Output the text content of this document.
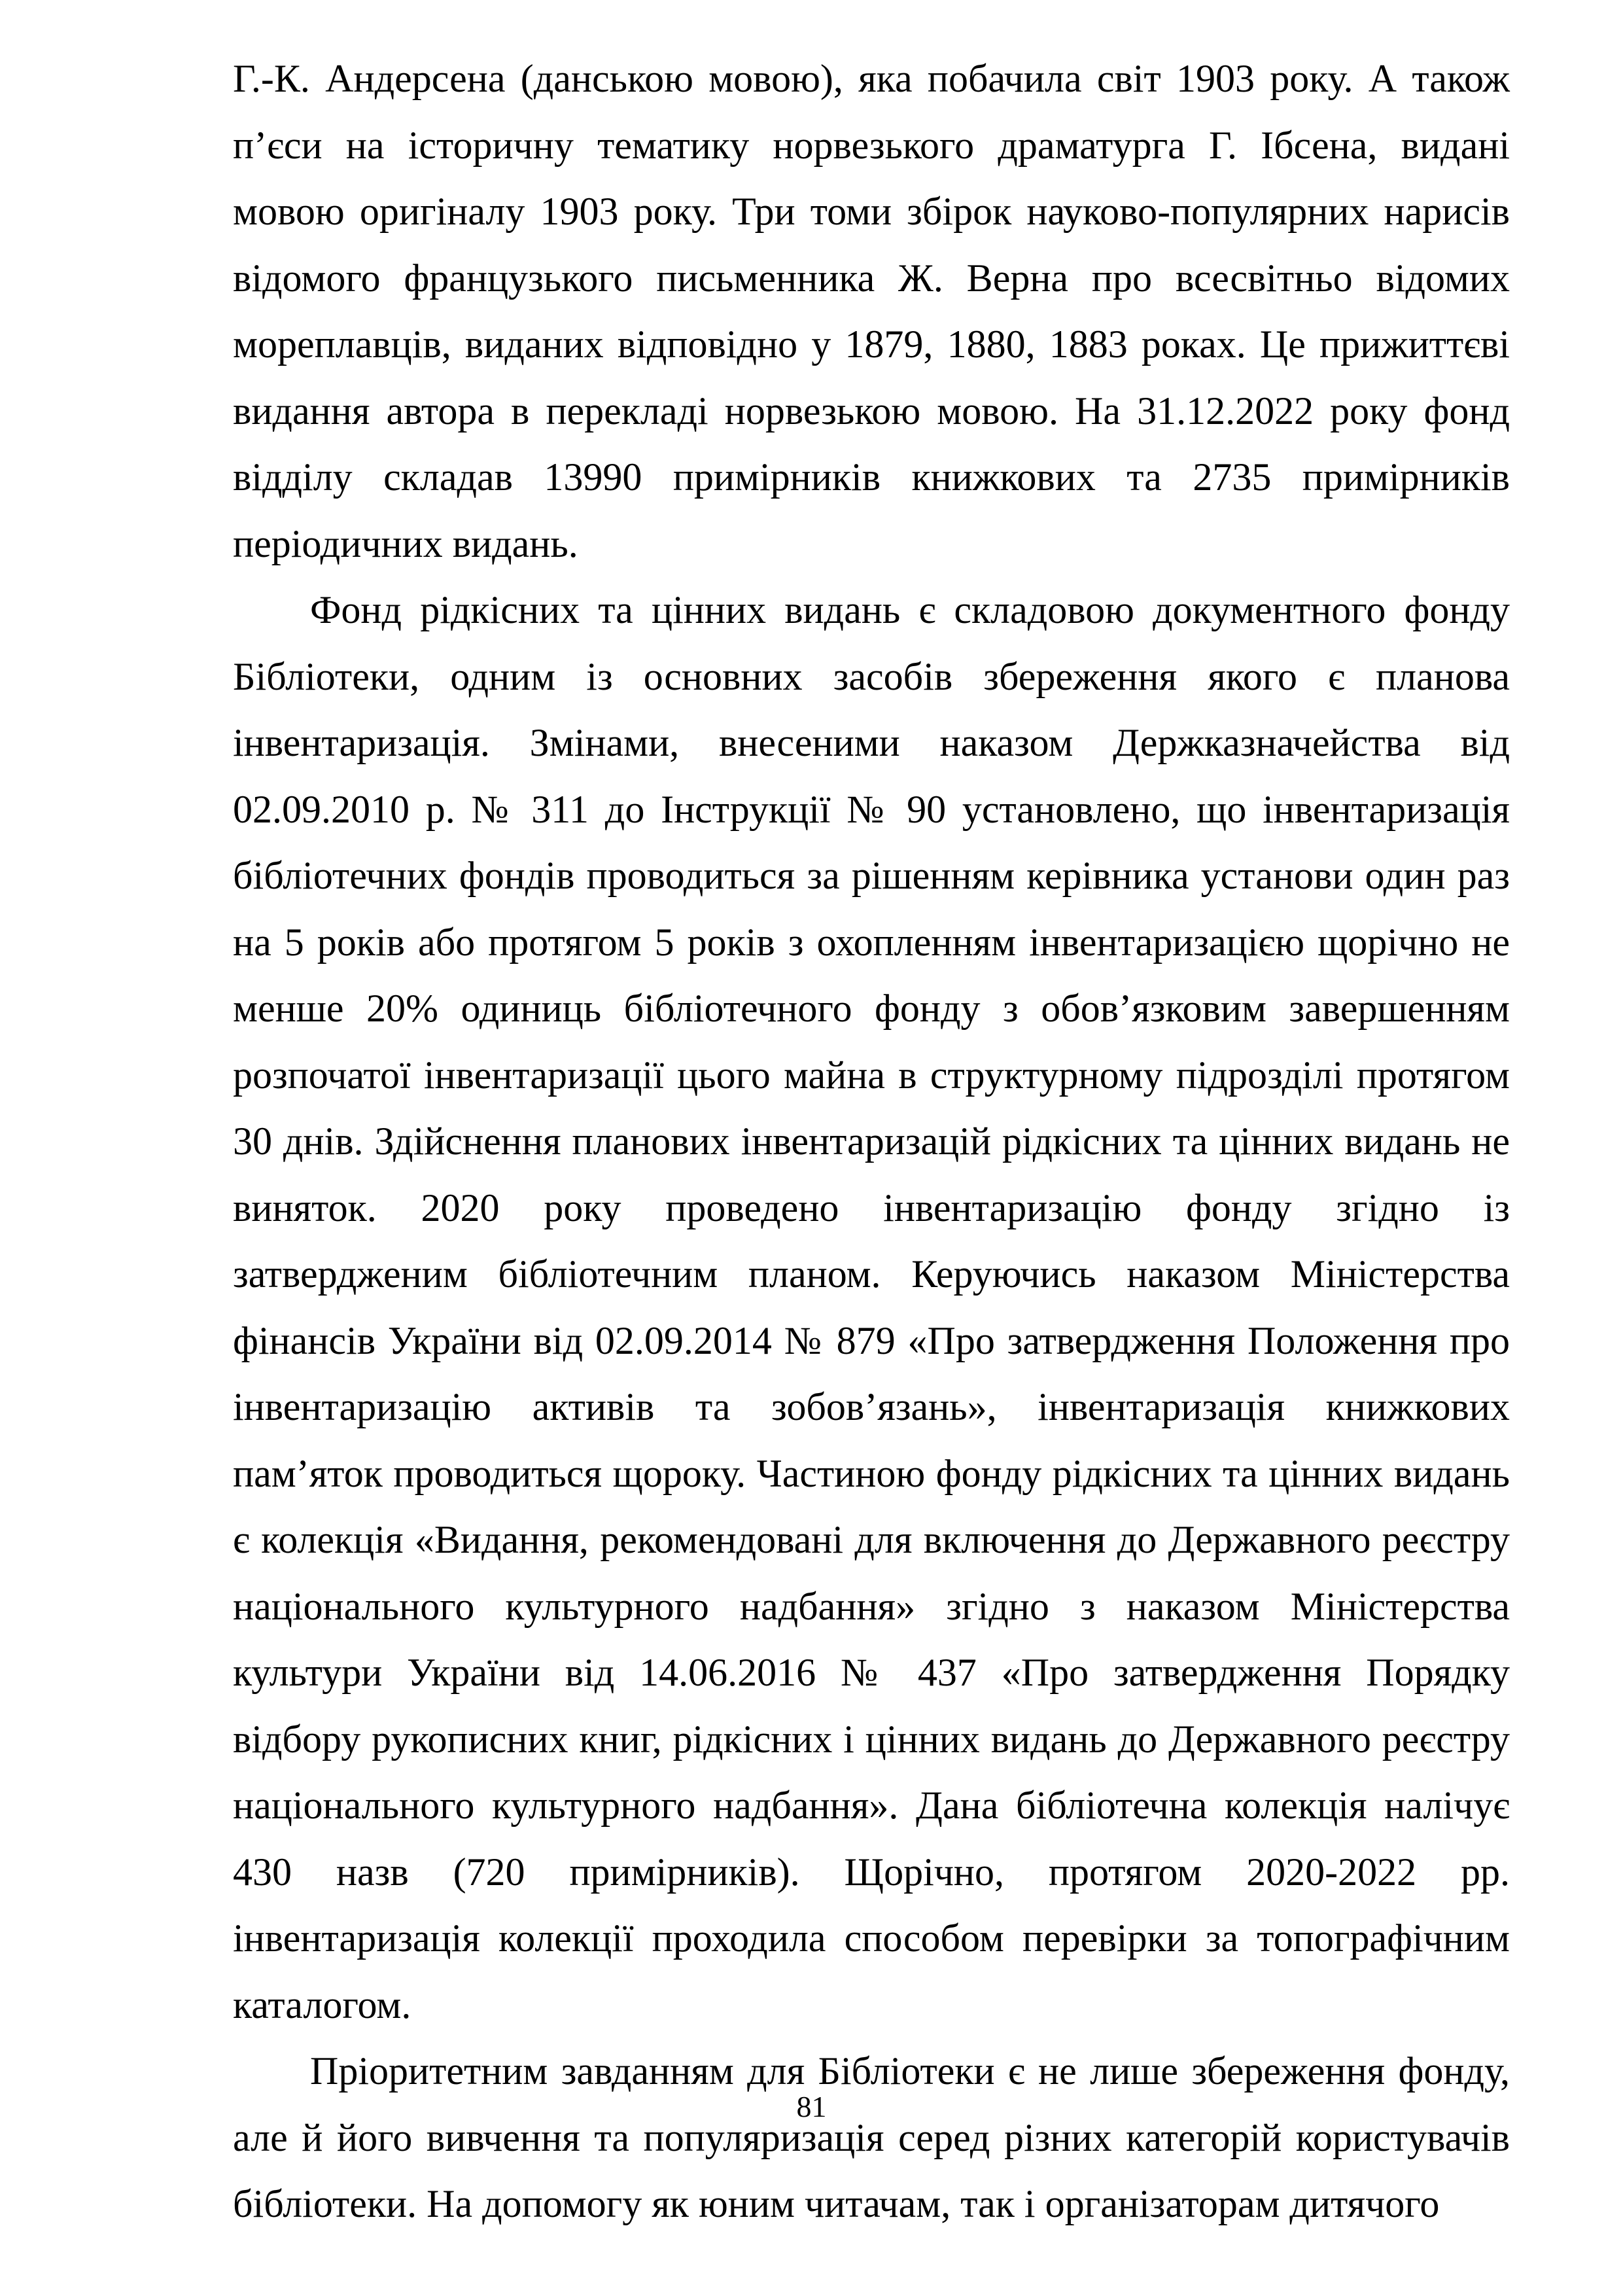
Г.-К. Андерсена (данською мовою), яка побачила світ 1903 року. А також п’єси на історичну тематику норвезького драматурга Г. Ібсена, видані мовою оригіналу 1903 року. Три томи збірок науково-популярних нарисів відомого французького письменника Ж. Верна про всесвітньо відомих мореплавців, виданих відповідно у 1879, 1880, 1883 роках. Це прижиттєві видання автора в перекладі норвезькою мовою. На 31.12.2022 року фонд відділу складав 13990 примірників книжкових та 2735 примірників періодичних видань.

Фонд рідкісних та цінних видань є складовою документного фонду Бібліотеки, одним із основних засобів збереження якого є планова інвентаризація. Змінами, внесеними наказом Держказначейства від 02.09.2010 р. № 311 до Інструкції № 90 установлено, що інвентаризація бібліотечних фондів проводиться за рішенням керівника установи один раз на 5 років або протягом 5 років з охопленням інвентаризацією щорічно не менше 20% одиниць бібліотечного фонду з обов’язковим завершенням розпочатої інвентаризації цього майна в структурному підрозділі протягом 30 днів. Здійснення планових інвентаризацій рідкісних та цінних видань не виняток. 2020 року проведено інвентаризацію фонду згідно із затвердженим бібліотечним планом. Керуючись наказом Міністерства фінансів України від 02.09.2014 № 879 «Про затвердження Положення про інвентаризацію активів та зобов’язань», інвентаризація книжкових пам’яток проводиться щороку. Частиною фонду рідкісних та цінних видань є колекція «Видання, рекомендовані для включення до Державного реєстру національного культурного надбання» згідно з наказом Міністерства культури України від 14.06.2016 № 437 «Про затвердження Порядку відбору рукописних книг, рідкісних і цінних видань до Державного реєстру національного культурного надбання». Дана бібліотечна колекція налічує 430 назв (720 примірників). Щорічно, протягом 2020-2022 рр. інвентаризація колекції проходила способом перевірки за топографічним каталогом.

Пріоритетним завданням для Бібліотеки є не лише збереження фонду, але й його вивчення та популяризація серед різних категорій користувачів бібліотеки. На допомогу як юним читачам, так і організаторам дитячого

81
